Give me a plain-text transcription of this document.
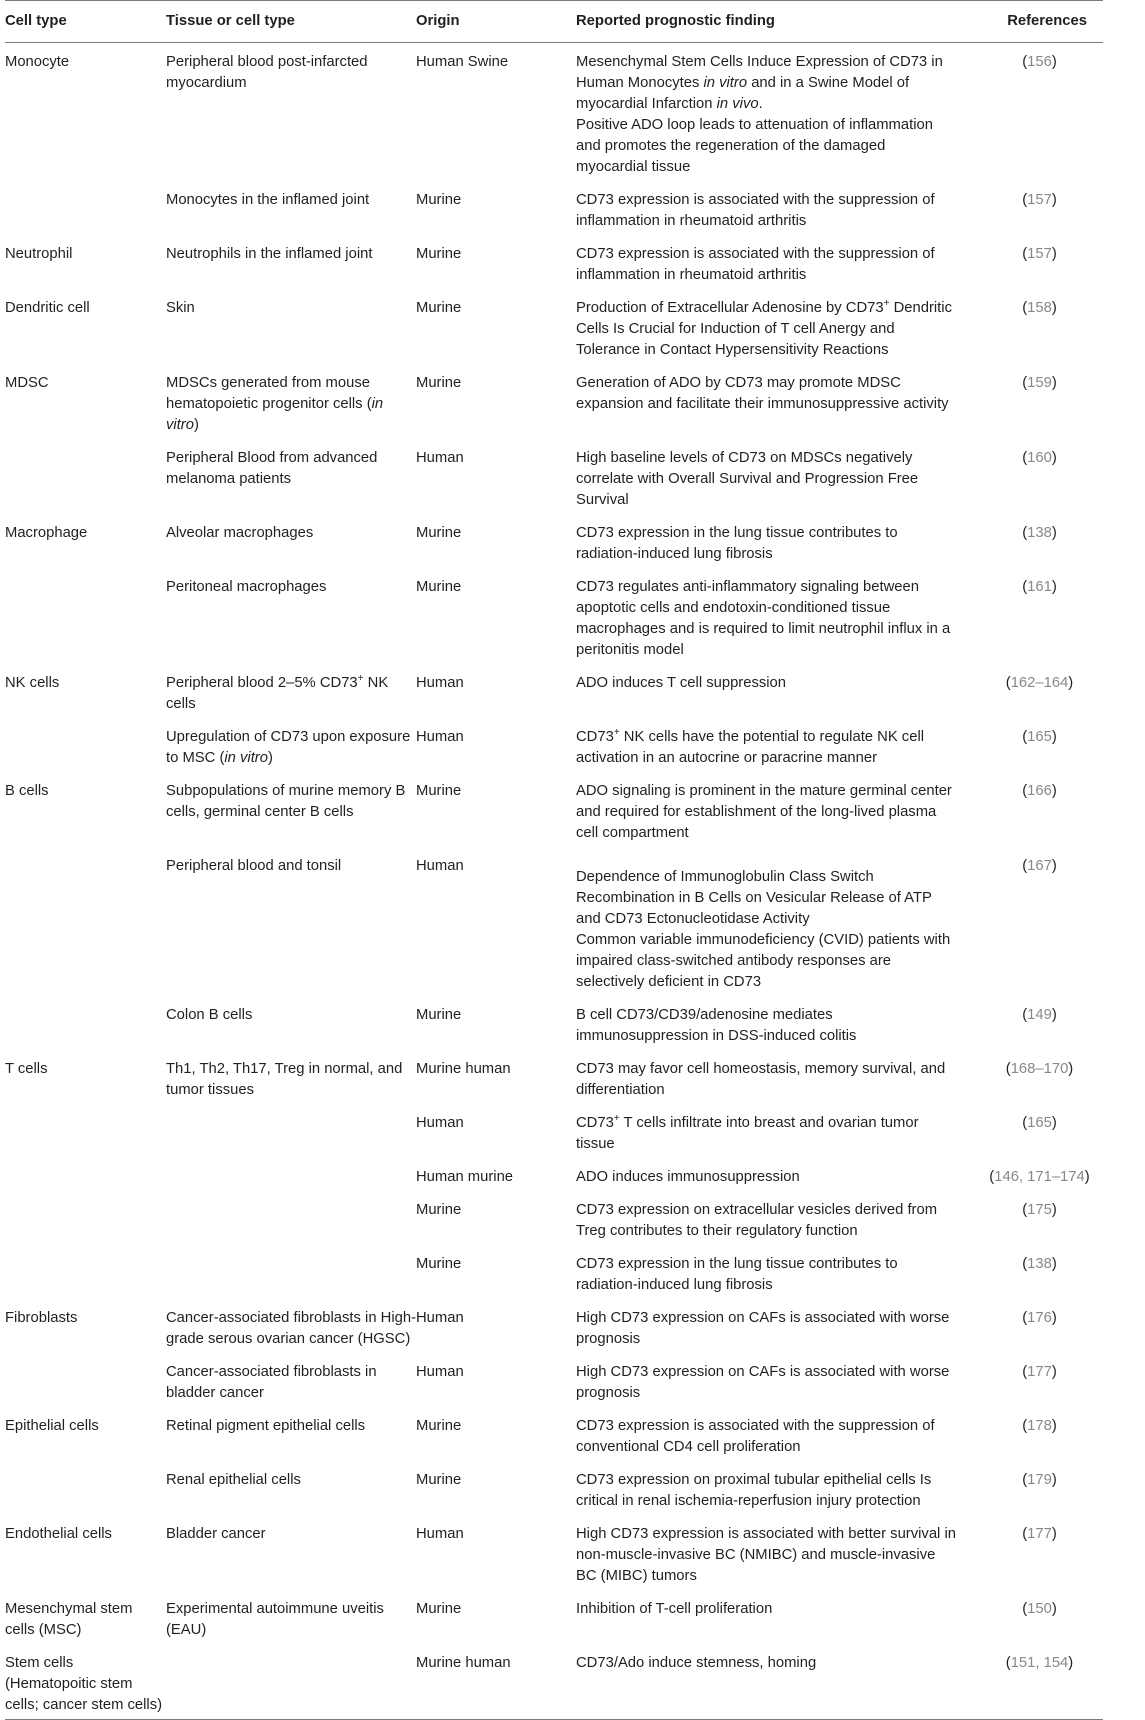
Cell type	Tissue or cell type	Origin	Reported prognostic finding	References
Monocyte	Peripheral blood post-infarcted myocardium	Human Swine	Mesenchymal Stem Cells Induce Expression of CD73 in Human Monocytes in vitro and in a Swine Model of myocardial Infarction in vivo.
Positive ADO loop leads to attenuation of inflammation and promotes the regeneration of the damaged myocardial tissue	(156)
	Monocytes in the inflamed joint	Murine	CD73 expression is associated with the suppression of inflammation in rheumatoid arthritis	(157)
Neutrophil	Neutrophils in the inflamed joint	Murine	CD73 expression is associated with the suppression of inflammation in rheumatoid arthritis	(157)
Dendritic cell	Skin	Murine	Production of Extracellular Adenosine by CD73+ Dendritic Cells Is Crucial for Induction of T cell Anergy and Tolerance in Contact Hypersensitivity Reactions	(158)
MDSC	MDSCs generated from mouse hematopoietic progenitor cells (in vitro)	Murine	Generation of ADO by CD73 may promote MDSC expansion and facilitate their immunosuppressive activity	(159)
	Peripheral Blood from advanced melanoma patients	Human	High baseline levels of CD73 on MDSCs negatively correlate with Overall Survival and Progression Free Survival	(160)
Macrophage	Alveolar macrophages	Murine	CD73 expression in the lung tissue contributes to radiation-induced lung fibrosis	(138)
	Peritoneal macrophages	Murine	CD73 regulates anti-inflammatory signaling between apoptotic cells and endotoxin-conditioned tissue macrophages and is required to limit neutrophil influx in a peritonitis model	(161)
NK cells	Peripheral blood 2–5% CD73+ NK cells	Human	ADO induces T cell suppression	(162–164)
	Upregulation of CD73 upon exposure to MSC (in vitro)	Human	CD73+ NK cells have the potential to regulate NK cell activation in an autocrine or paracrine manner	(165)
B cells	Subpopulations of murine memory B cells, germinal center B cells	Murine	ADO signaling is prominent in the mature germinal center and required for establishment of the long-lived plasma cell compartment	(166)
	Peripheral blood and tonsil	Human	Dependence of Immunoglobulin Class Switch Recombination in B Cells on Vesicular Release of ATP and CD73 Ectonucleotidase Activity
Common variable immunodeficiency (CVID) patients with impaired class-switched antibody responses are selectively deficient in CD73	(167)
	Colon B cells	Murine	B cell CD73/CD39/adenosine mediates immunosuppression in DSS-induced colitis	(149)
T cells	Th1, Th2, Th17, Treg in normal, and tumor tissues	Murine human	CD73 may favor cell homeostasis, memory survival, and differentiation	(168–170)
		Human	CD73+ T cells infiltrate into breast and ovarian tumor tissue	(165)
		Human murine	ADO induces immunosuppression	(146, 171–174)
		Murine	CD73 expression on extracellular vesicles derived from Treg contributes to their regulatory function	(175)
		Murine	CD73 expression in the lung tissue contributes to radiation-induced lung fibrosis	(138)
Fibroblasts	Cancer-associated fibroblasts in High-grade serous ovarian cancer (HGSC)	Human	High CD73 expression on CAFs is associated with worse prognosis	(176)
	Cancer-associated fibroblasts in bladder cancer	Human	High CD73 expression on CAFs is associated with worse prognosis	(177)
Epithelial cells	Retinal pigment epithelial cells	Murine	CD73 expression is associated with the suppression of conventional CD4 cell proliferation	(178)
	Renal epithelial cells	Murine	CD73 expression on proximal tubular epithelial cells Is critical in renal ischemia-reperfusion injury protection	(179)
Endothelial cells	Bladder cancer	Human	High CD73 expression is associated with better survival in non-muscle-invasive BC (NMIBC) and muscle-invasive BC (MIBC) tumors	(177)
Mesenchymal stem cells (MSC)	Experimental autoimmune uveitis (EAU)	Murine	Inhibition of T-cell proliferation	(150)
Stem cells (Hematopoitic stem cells; cancer stem cells)		Murine human	CD73/Ado induce stemness, homing	(151, 154)
